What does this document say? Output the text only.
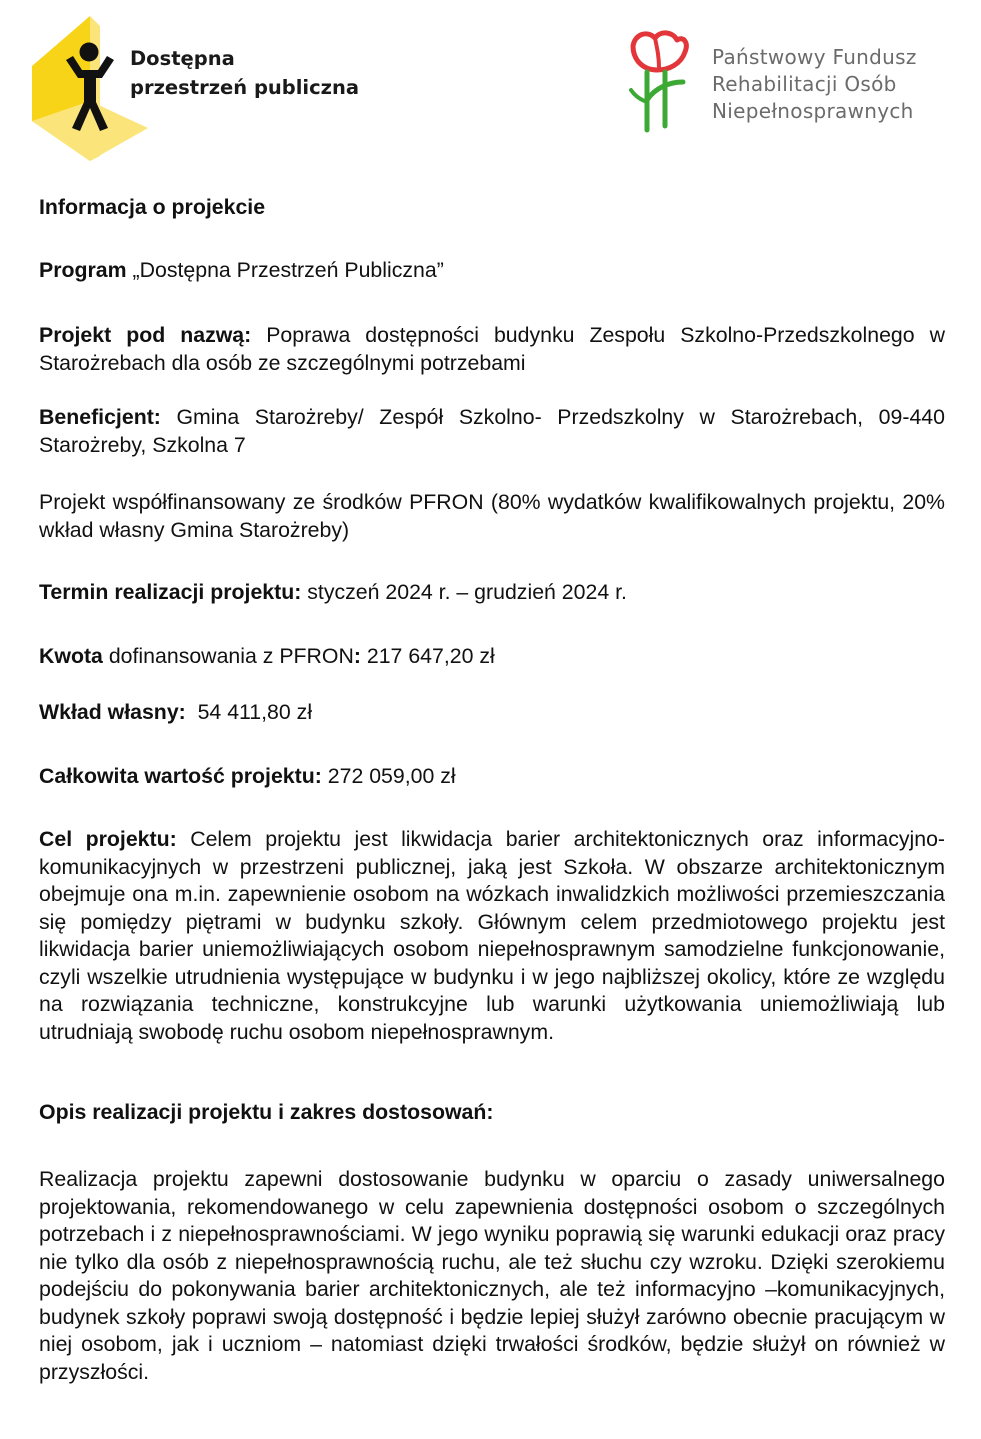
Dostępna
przestrzeń publiczna
Państwowy Fundusz
Rehabilitacji Osób
Niepełnosprawnych

Informacja o projekcie

Program „Dostępna Przestrzeń Publiczna”

Projekt pod nazwą: Poprawa dostępności budynku Zespołu Szkolno-Przedszkolnego w Starożrebach dla osób ze szczególnymi potrzebami

Beneficjent: Gmina Starożreby/ Zespół Szkolno- Przedszkolny w Starożrebach, 09-440 Starożreby, Szkolna 7

Projekt współfinansowany ze środków PFRON (80% wydatków kwalifikowalnych projektu, 20% wkład własny Gmina Starożreby)

Termin realizacji projektu: styczeń 2024 r. – grudzień 2024 r.

Kwota dofinansowania z PFRON: 217 647,20 zł

Wkład własny:  54 411,80 zł

Całkowita wartość projektu: 272 059,00 zł

Cel projektu: Celem projektu jest likwidacja barier architektonicznych oraz informacyjno- komunikacyjnych w przestrzeni publicznej, jaką jest Szkoła. W obszarze architektonicznym obejmuje ona m.in. zapewnienie osobom na wózkach inwalidzkich możliwości przemieszczania się pomiędzy piętrami w budynku szkoły. Głównym celem przedmiotowego projektu jest likwidacja barier uniemożliwiających osobom niepełnosprawnym samodzielne funkcjonowanie, czyli wszelkie utrudnienia występujące w budynku i w jego najbliższej okolicy, które ze względu na rozwiązania techniczne, konstrukcyjne lub warunki użytkowania uniemożliwiają lub utrudniają swobodę ruchu osobom niepełnosprawnym.

Opis realizacji projektu i zakres dostosowań:

Realizacja projektu zapewni dostosowanie budynku w oparciu o zasady uniwersalnego projektowania, rekomendowanego w celu zapewnienia dostępności osobom o szczególnych potrzebach i z niepełnosprawnościami. W jego wyniku poprawią się warunki edukacji oraz pracy nie tylko dla osób z niepełnosprawnością ruchu, ale też słuchu czy wzroku. Dzięki szerokiemu podejściu do pokonywania barier architektonicznych, ale też informacyjno –komunikacyjnych, budynek szkoły poprawi swoją dostępność i będzie lepiej służył zarówno obecnie pracującym w niej osobom, jak i uczniom – natomiast dzięki trwałości środków, będzie służył on również w przyszłości.
